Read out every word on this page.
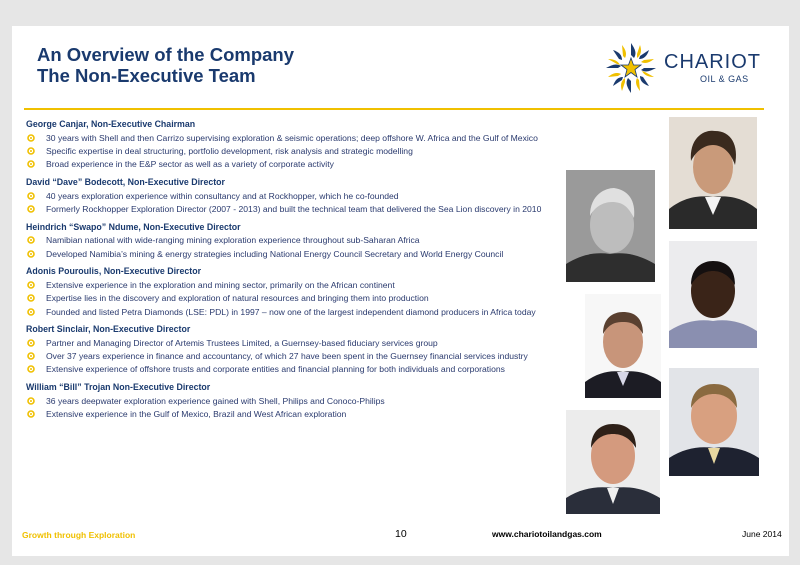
An Overview of the Company
The Non-Executive Team
CHARIOT
OIL & GAS
George Canjar, Non-Executive Chairman
30 years with Shell and then Carrizo supervising exploration & seismic operations; deep offshore W. Africa and the Gulf of Mexico
Specific expertise in deal structuring, portfolio development, risk analysis and strategic modelling
Broad experience in the E&P sector as well as a variety of corporate activity
David “Dave” Bodecott, Non-Executive Director
40 years exploration experience within consultancy and at Rockhopper, which he co-founded
Formerly Rockhopper Exploration Director (2007 - 2013) and built the technical team that delivered the Sea Lion discovery in 2010
Heindrich “Swapo” Ndume, Non-Executive Director
Namibian national with wide-ranging mining exploration experience throughout sub-Saharan Africa
Developed Namibia’s mining & energy strategies including National Energy Council Secretary and World Energy Council
Adonis Pouroulis, Non-Executive Director
Extensive experience in the exploration and mining sector, primarily on the African continent
Expertise lies in the discovery and exploration of natural resources and bringing them into production
Founded and listed Petra Diamonds (LSE: PDL) in 1997 – now one of the largest independent diamond producers in Africa today
Robert Sinclair, Non-Executive Director
Partner and Managing Director of Artemis Trustees Limited, a Guernsey-based fiduciary services group
Over 37 years experience in finance and accountancy, of which 27 have been spent in the Guernsey financial services industry
Extensive experience of offshore trusts and corporate entities and financial planning for both individuals and corporations
William “Bill” Trojan Non-Executive Director
36 years deepwater exploration experience gained with Shell, Philips and Conoco-Philips
Extensive experience in the Gulf of Mexico, Brazil and West African exploration
Growth through Exploration	10	www.chariotoilandgas.com	June 2014
